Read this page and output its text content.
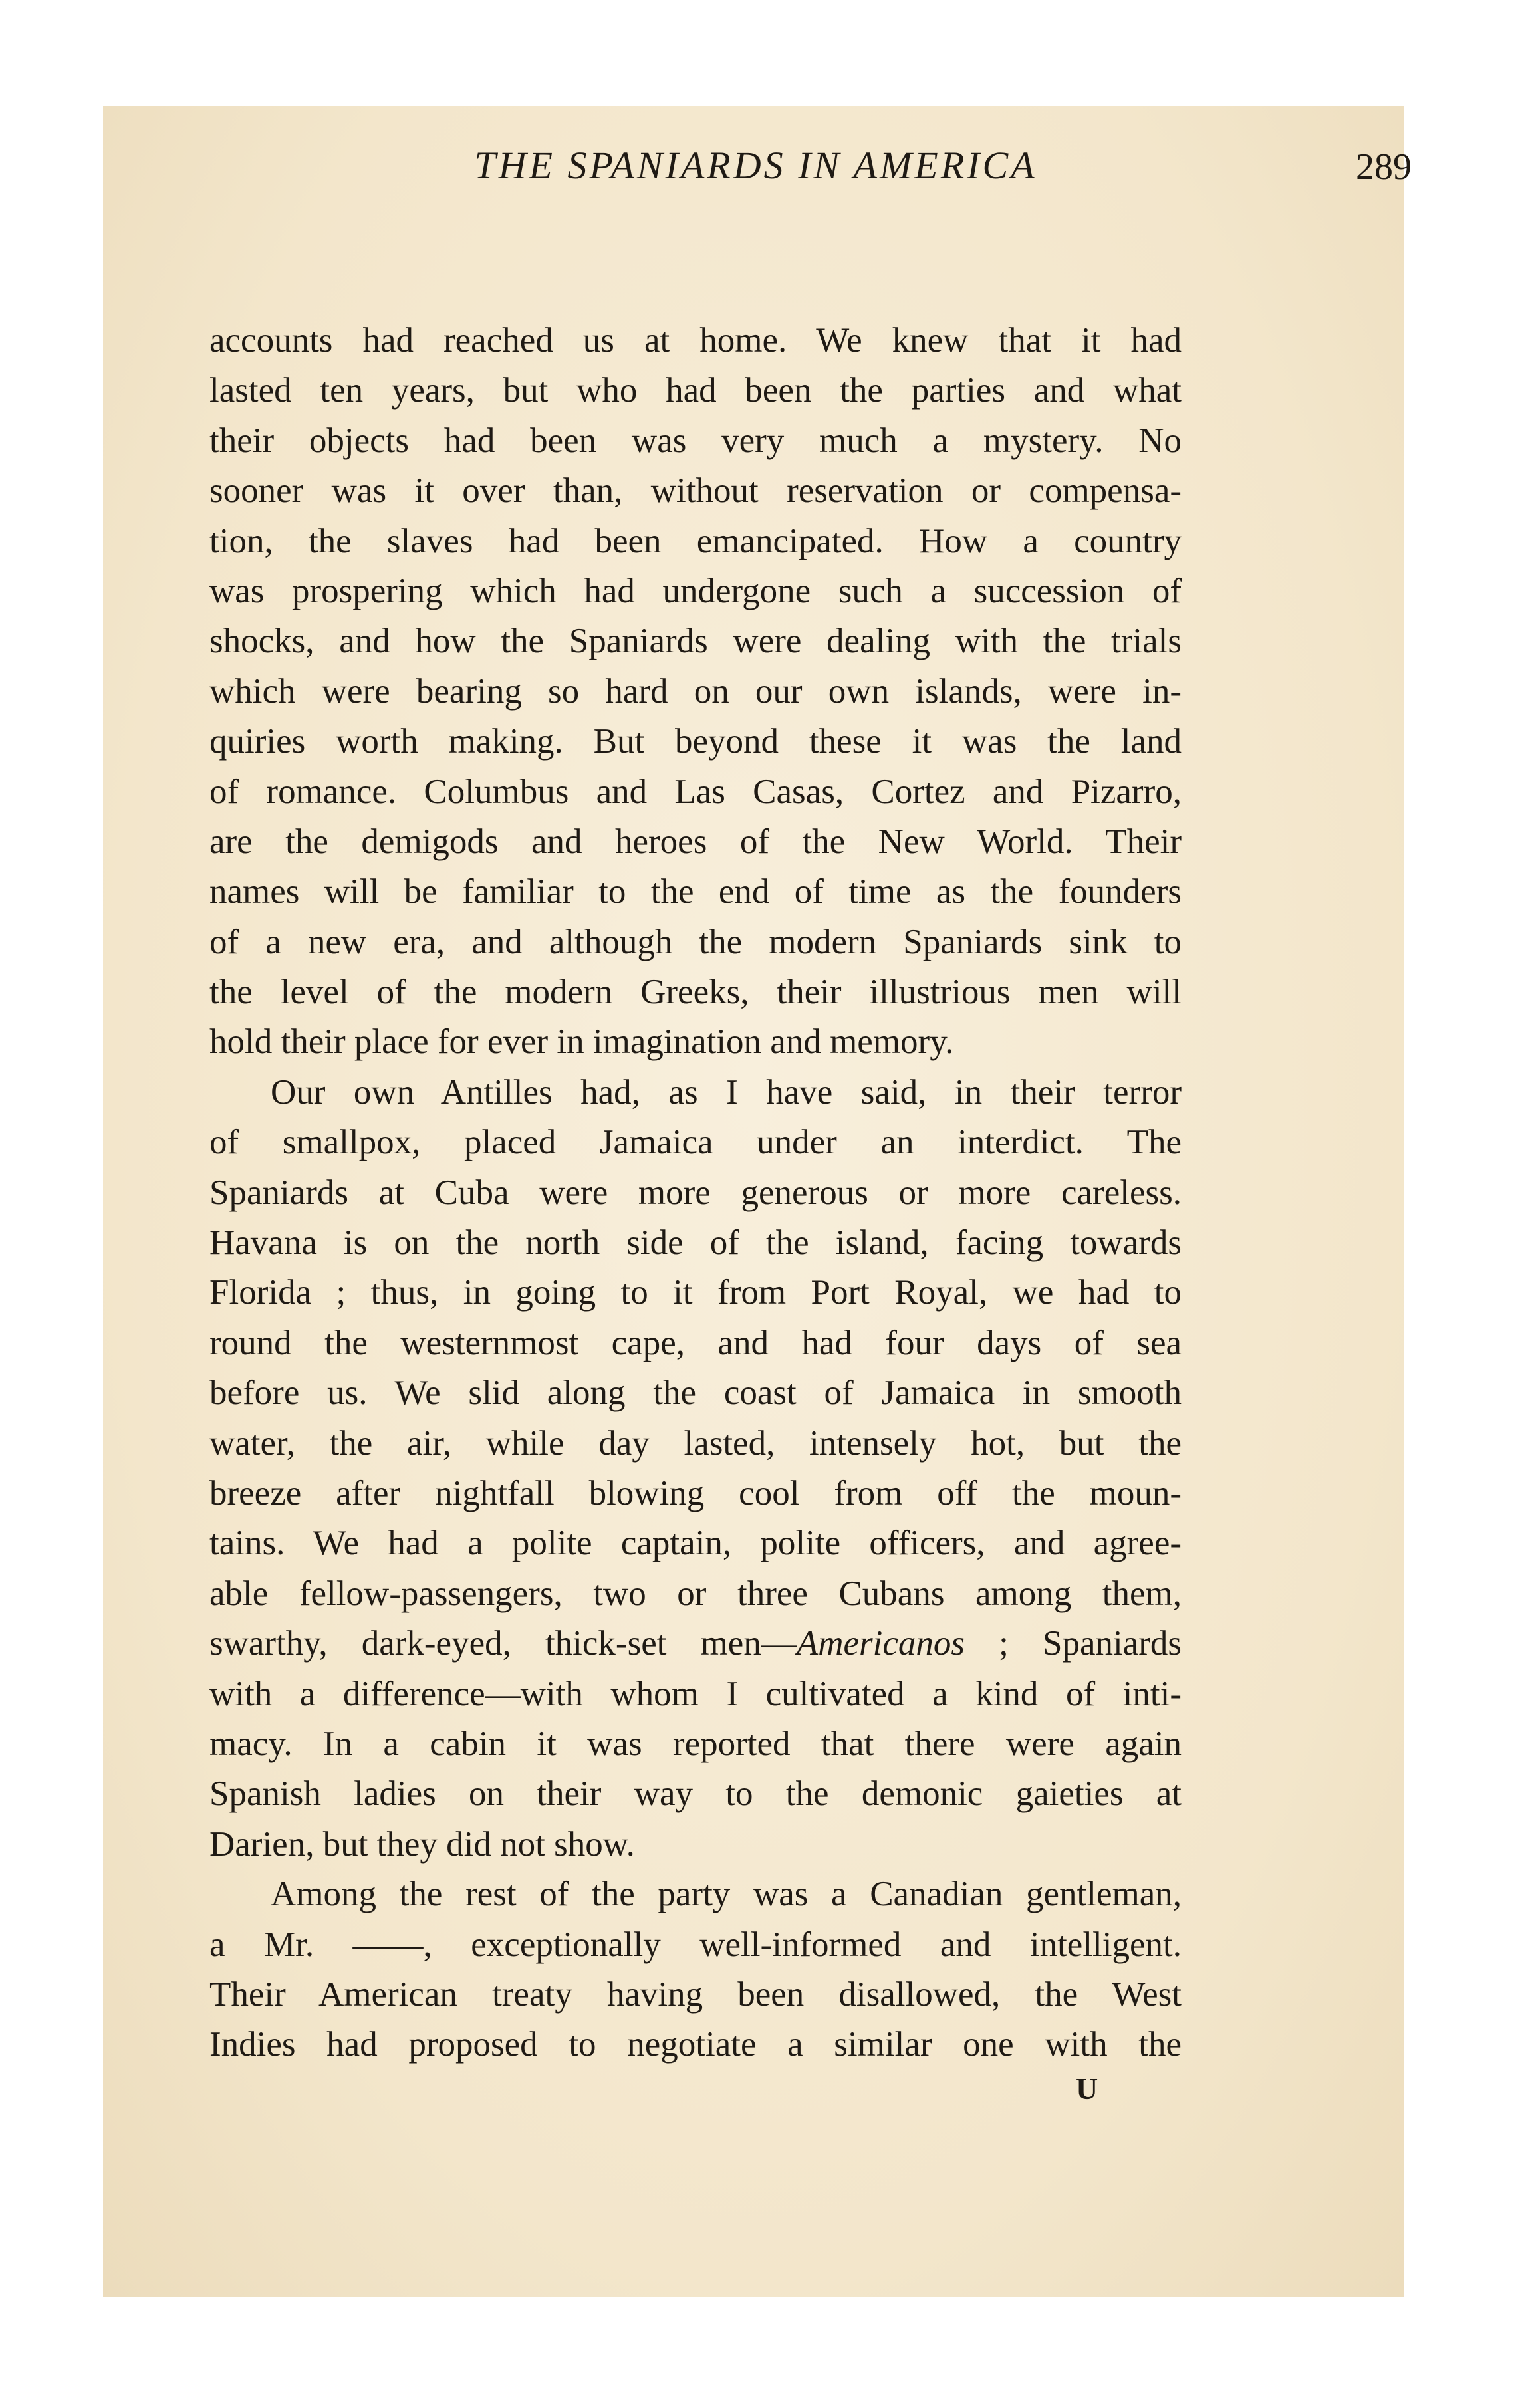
THE SPANIARDS IN AMERICA	289

accounts had reached us at home. We knew that it had
lasted ten years, but who had been the parties and what
their objects had been was very much a mystery. No
sooner was it over than, without reservation or compensa-
tion, the slaves had been emancipated. How a country
was prospering which had undergone such a succession of
shocks, and how the Spaniards were dealing with the trials
which were bearing so hard on our own islands, were in-
quiries worth making. But beyond these it was the land
of romance. Columbus and Las Casas, Cortez and Pizarro,
are the demigods and heroes of the New World. Their
names will be familiar to the end of time as the founders
of a new era, and although the modern Spaniards sink to
the level of the modern Greeks, their illustrious men will
hold their place for ever in imagination and memory.

Our own Antilles had, as I have said, in their terror
of smallpox, placed Jamaica under an interdict. The
Spaniards at Cuba were more generous or more careless.
Havana is on the north side of the island, facing towards
Florida ; thus, in going to it from Port Royal, we had to
round the westernmost cape, and had four days of sea
before us. We slid along the coast of Jamaica in smooth
water, the air, while day lasted, intensely hot, but the
breeze after nightfall blowing cool from off the moun-
tains. We had a polite captain, polite officers, and agree-
able fellow-passengers, two or three Cubans among them,
swarthy, dark-eyed, thick-set men—Americanos ; Spaniards
with a difference—with whom I cultivated a kind of inti-
macy. In a cabin it was reported that there were again
Spanish ladies on their way to the demonic gaieties at
Darien, but they did not show.

Among the rest of the party was a Canadian gentleman,
a Mr. ——, exceptionally well-informed and intelligent.
Their American treaty having been disallowed, the West
Indies had proposed to negotiate a similar one with the

U
